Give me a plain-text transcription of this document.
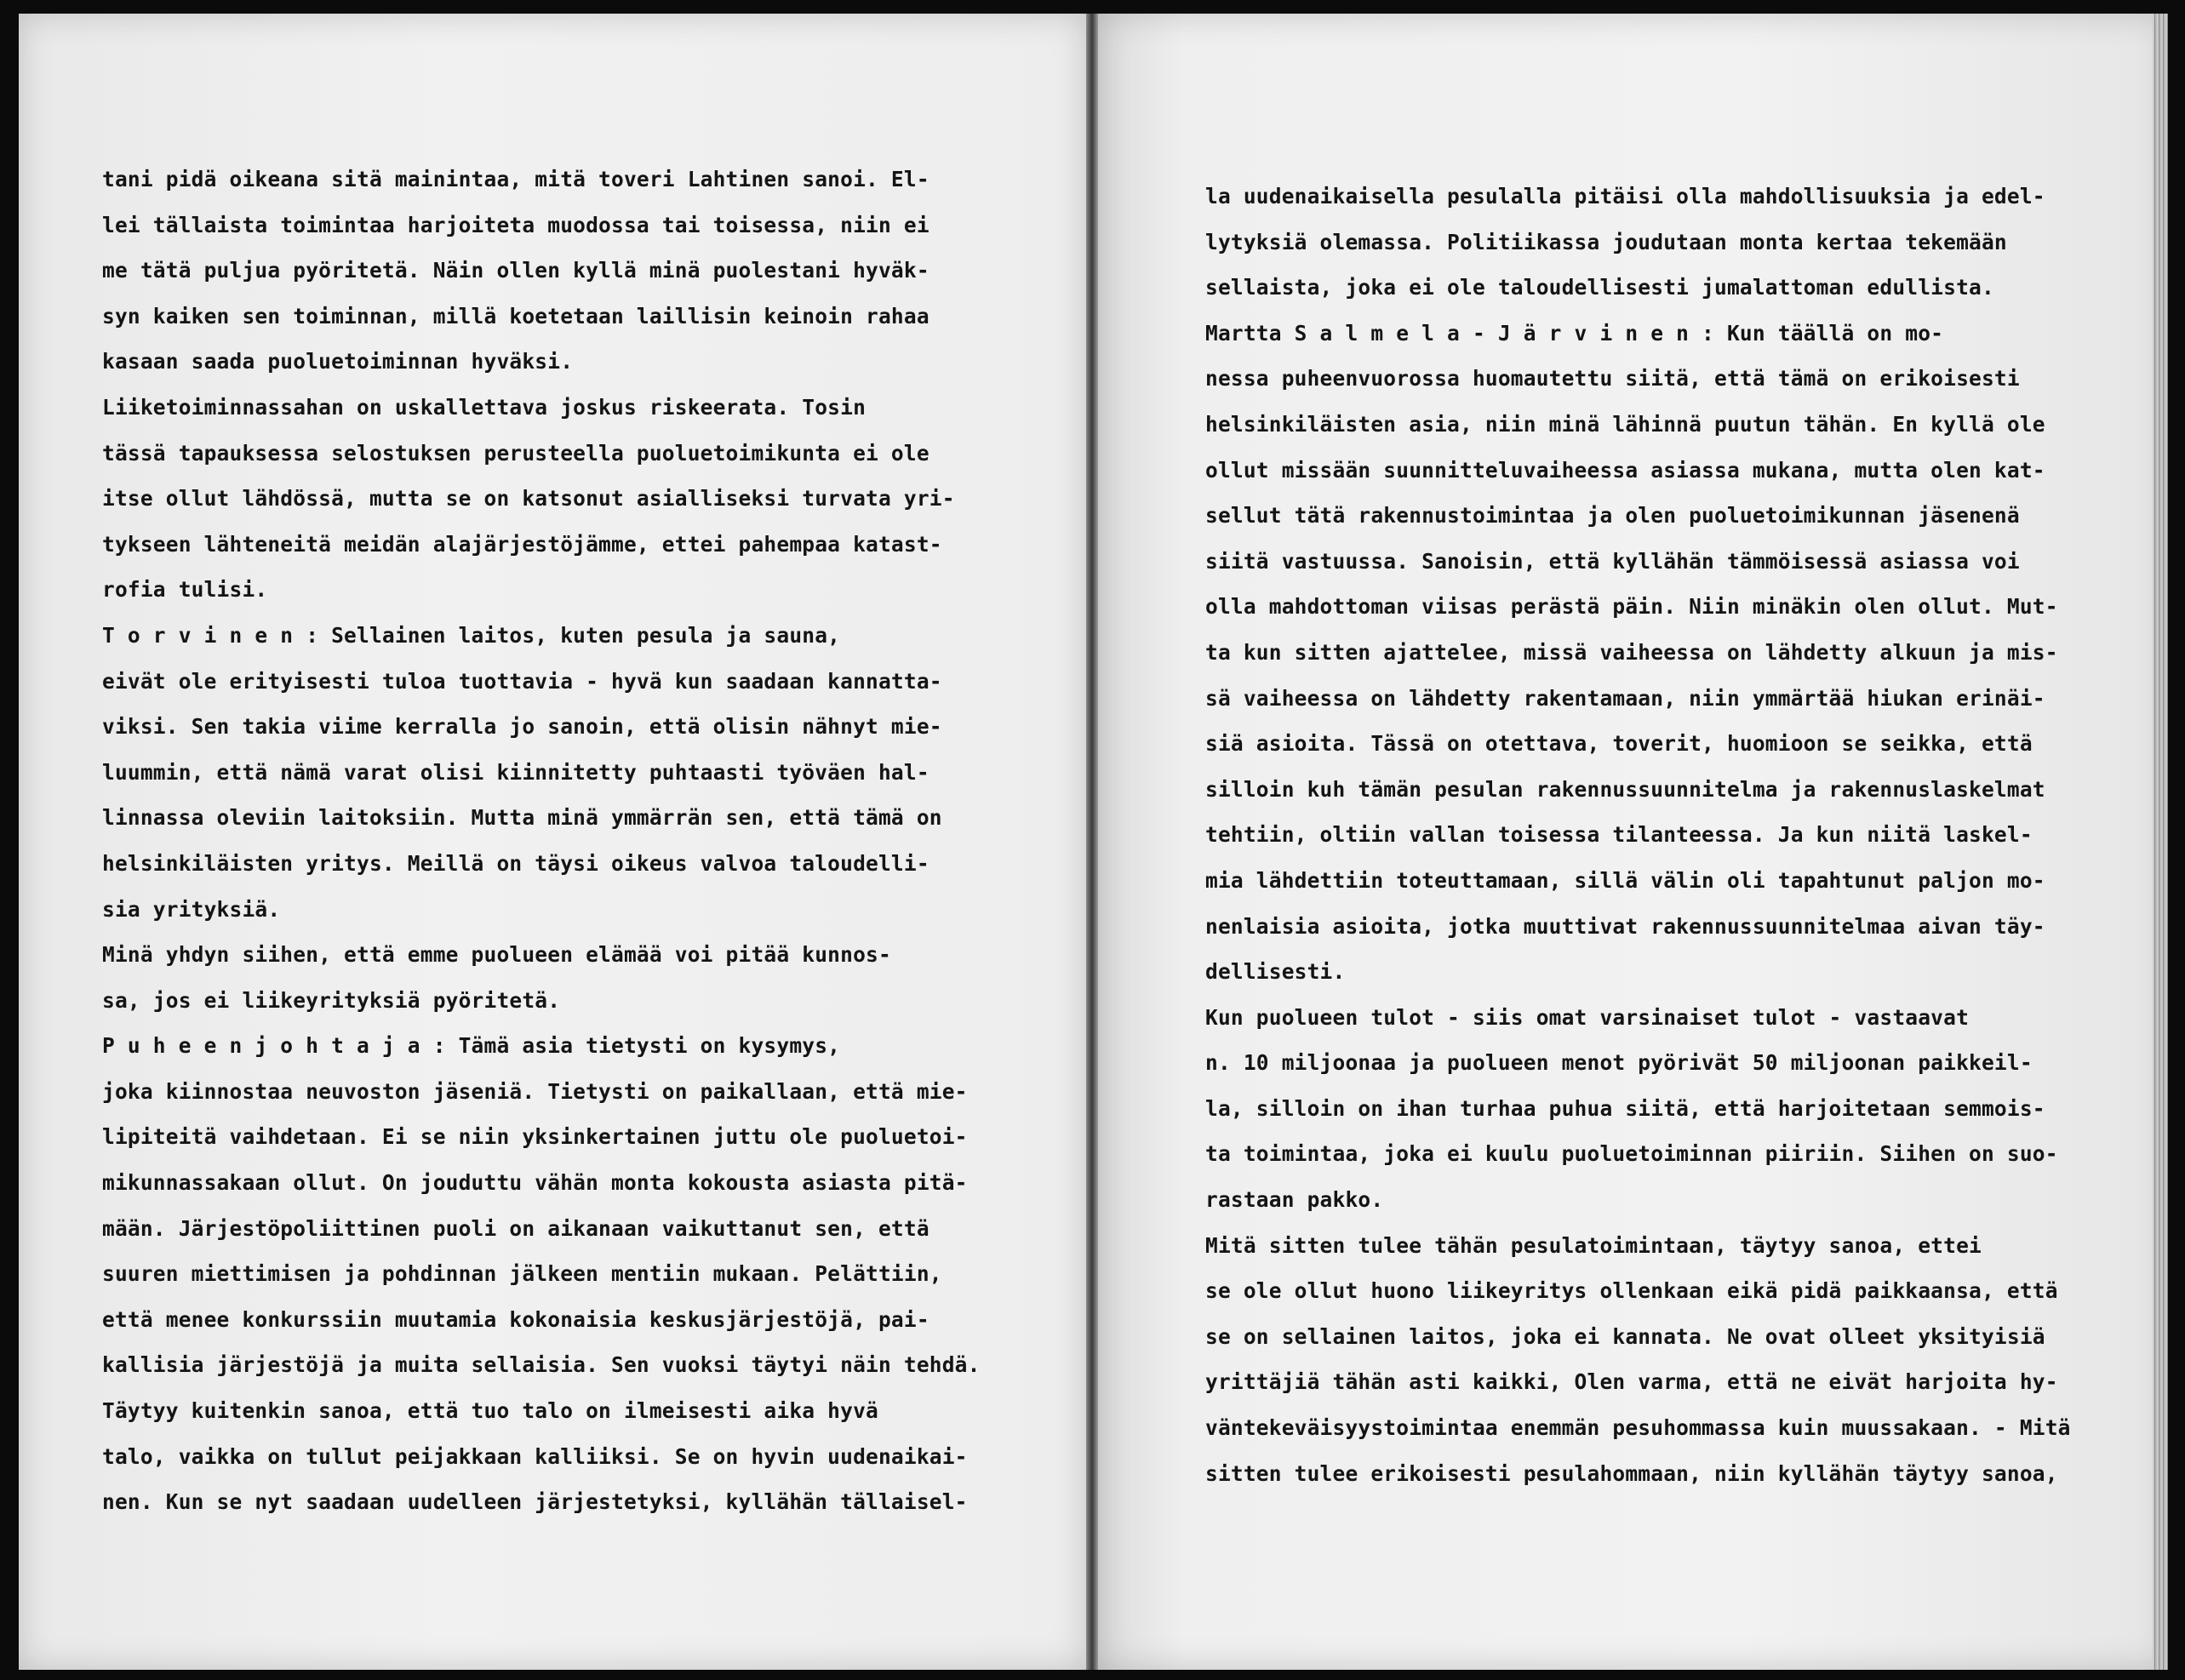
tani pidä oikeana sitä mainintaa, mitä toveri Lahtinen sanoi. El-
lei tällaista toimintaa harjoiteta muodossa tai toisessa, niin ei
me tätä puljua pyöritetä. Näin ollen kyllä minä puolestani hyväk-
syn kaiken sen toiminnan, millä koetetaan laillisin keinoin rahaa
kasaan saada puoluetoiminnan hyväksi.
Liiketoiminnassahan on uskallettava joskus riskeerata. Tosin
tässä tapauksessa selostuksen perusteella puoluetoimikunta ei ole
itse ollut lähdössä, mutta se on katsonut asialliseksi turvata yri-
tykseen lähteneitä meidän alajärjestöjämme, ettei pahempaa katast-
rofia tulisi.
T o r v i n e n : Sellainen laitos, kuten pesula ja sauna,
eivät ole erityisesti tuloa tuottavia - hyvä kun saadaan kannatta-
viksi. Sen takia viime kerralla jo sanoin, että olisin nähnyt mie-
luummin, että nämä varat olisi kiinnitetty puhtaasti työväen hal-
linnassa oleviin laitoksiin. Mutta minä ymmärrän sen, että tämä on
helsinkiläisten yritys. Meillä on täysi oikeus valvoa taloudelli-
sia yrityksiä.
Minä yhdyn siihen, että emme puolueen elämää voi pitää kunnos-
sa, jos ei liikeyrityksiä pyöritetä.
P u h e e n j o h t a j a : Tämä asia tietysti on kysymys,
joka kiinnostaa neuvoston jäseniä. Tietysti on paikallaan, että mie-
lipiteitä vaihdetaan. Ei se niin yksinkertainen juttu ole puoluetoi-
mikunnassakaan ollut. On jouduttu vähän monta kokousta asiasta pitä-
mään. Järjestöpoliittinen puoli on aikanaan vaikuttanut sen, että
suuren miettimisen ja pohdinnan jälkeen mentiin mukaan. Pelättiin,
että menee konkurssiin muutamia kokonaisia keskusjärjestöjä, pai-
kallisia järjestöjä ja muita sellaisia. Sen vuoksi täytyi näin tehdä.
Täytyy kuitenkin sanoa, että tuo talo on ilmeisesti aika hyvä
talo, vaikka on tullut peijakkaan kalliiksi. Se on hyvin uudenaikai-
nen. Kun se nyt saadaan uudelleen järjestetyksi, kyllähän tällaisel-
la uudenaikaisella pesulalla pitäisi olla mahdollisuuksia ja edel-
lytyksiä olemassa. Politiikassa joudutaan monta kertaa tekemään
sellaista, joka ei ole taloudellisesti jumalattoman edullista.
Martta S a l m e l a - J ä r v i n e n : Kun täällä on mo-
nessa puheenvuorossa huomautettu siitä, että tämä on erikoisesti
helsinkiläisten asia, niin minä lähinnä puutun tähän. En kyllä ole
ollut missään suunnitteluvaiheessa asiassa mukana, mutta olen kat-
sellut tätä rakennustoimintaa ja olen puoluetoimikunnan jäsenenä
siitä vastuussa. Sanoisin, että kyllähän tämmöisessä asiassa voi
olla mahdottoman viisas perästä päin. Niin minäkin olen ollut. Mut-
ta kun sitten ajattelee, missä vaiheessa on lähdetty alkuun ja mis-
sä vaiheessa on lähdetty rakentamaan, niin ymmärtää hiukan erinäi-
siä asioita. Tässä on otettava, toverit, huomioon se seikka, että
silloin kuh tämän pesulan rakennussuunnitelma ja rakennuslaskelmat
tehtiin, oltiin vallan toisessa tilanteessa. Ja kun niitä laskel-
mia lähdettiin toteuttamaan, sillä välin oli tapahtunut paljon mo-
nenlaisia asioita, jotka muuttivat rakennussuunnitelmaa aivan täy-
dellisesti.
Kun puolueen tulot - siis omat varsinaiset tulot - vastaavat
n. 10 miljoonaa ja puolueen menot pyörivät 50 miljoonan paikkeil-
la, silloin on ihan turhaa puhua siitä, että harjoitetaan semmois-
ta toimintaa, joka ei kuulu puoluetoiminnan piiriin. Siihen on suo-
rastaan pakko.
Mitä sitten tulee tähän pesulatoimintaan, täytyy sanoa, ettei
se ole ollut huono liikeyritys ollenkaan eikä pidä paikkaansa, että
se on sellainen laitos, joka ei kannata. Ne ovat olleet yksityisiä
yrittäjiä tähän asti kaikki, Olen varma, että ne eivät harjoita hy-
väntekeväisyystoimintaa enemmän pesuhommassa kuin muussakaan. - Mitä
sitten tulee erikoisesti pesulahommaan, niin kyllähän täytyy sanoa,
